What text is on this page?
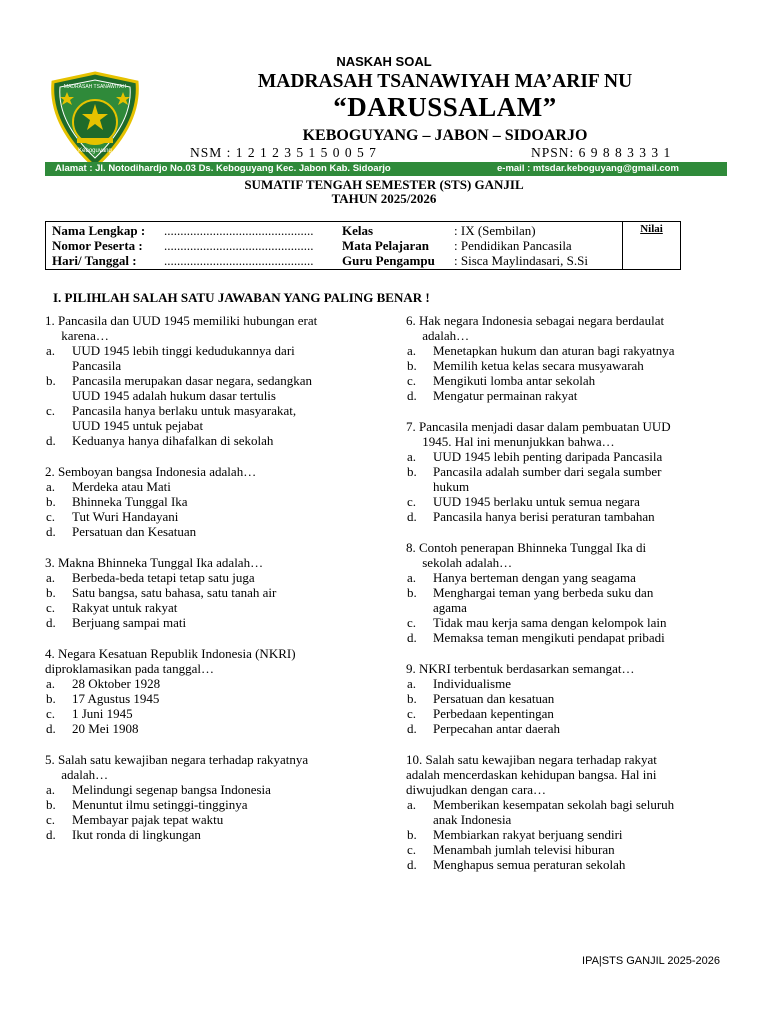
Keboguyang
MADRASAH TSANAWIYAH
NASKAH SOAL
MADRASAH TSANAWIYAH MA’ARIF NU
“DARUSSALAM”
KEBOGUYANG – JABON – SIDOARJO
NSM : 1 2 1 2 3 5 1 5 0 0 5 7	NPSN: 6 9 8 8 3 3 3 1
Alamat : Jl. Notodihardjo No.03 Ds. Keboguyang Kec. Jabon Kab. Sidoarjo	e-mail : mtsdar.keboguyang@gmail.com
SUMATIF TENGAH SEMESTER (STS) GANJIL
TAHUN 2025/2026
Nama Lengkap : .............................................. Kelas	: IX (Sembilan)
Nomor Peserta : .............................................. Mata Pelajaran : Pendidikan Pancasila
Hari/ Tanggal : .............................................. Guru Pengampu : Sisca Maylindasari, S.Si
Nilai
I. PILIHLAH SALAH SATU JAWABAN YANG PALING BENAR !
1. Pancasila dan UUD 1945 memiliki hubungan erat
karena…
a. UUD 1945 lebih tinggi kedudukannya dari
Pancasila
b. Pancasila merupakan dasar negara, sedangkan
UUD 1945 adalah hukum dasar tertulis
c. Pancasila hanya berlaku untuk masyarakat,
UUD 1945 untuk pejabat
d. Keduanya hanya dihafalkan di sekolah
2. Semboyan bangsa Indonesia adalah…
a. Merdeka atau Mati
b. Bhinneka Tunggal Ika
c. Tut Wuri Handayani
d. Persatuan dan Kesatuan
3. Makna Bhinneka Tunggal Ika adalah…
a. Berbeda-beda tetapi tetap satu juga
b. Satu bangsa, satu bahasa, satu tanah air
c. Rakyat untuk rakyat
d. Berjuang sampai mati
4. Negara Kesatuan Republik Indonesia (NKRI)
diproklamasikan pada tanggal…
a. 28 Oktober 1928
b. 17 Agustus 1945
c. 1 Juni 1945
d. 20 Mei 1908
5. Salah satu kewajiban negara terhadap rakyatnya
adalah…
a. Melindungi segenap bangsa Indonesia
b. Menuntut ilmu setinggi-tingginya
c. Membayar pajak tepat waktu
d. Ikut ronda di lingkungan
6. Hak negara Indonesia sebagai negara berdaulat
adalah…
a. Menetapkan hukum dan aturan bagi rakyatnya
b. Memilih ketua kelas secara musyawarah
c. Mengikuti lomba antar sekolah
d. Mengatur permainan rakyat
7. Pancasila menjadi dasar dalam pembuatan UUD
1945. Hal ini menunjukkan bahwa…
a. UUD 1945 lebih penting daripada Pancasila
b. Pancasila adalah sumber dari segala sumber
hukum
c. UUD 1945 berlaku untuk semua negara
d. Pancasila hanya berisi peraturan tambahan
8. Contoh penerapan Bhinneka Tunggal Ika di
sekolah adalah…
a. Hanya berteman dengan yang seagama
b. Menghargai teman yang berbeda suku dan
agama
c. Tidak mau kerja sama dengan kelompok lain
d. Memaksa teman mengikuti pendapat pribadi
9. NKRI terbentuk berdasarkan semangat…
a. Individualisme
b. Persatuan dan kesatuan
c. Perbedaan kepentingan
d. Perpecahan antar daerah
10. Salah satu kewajiban negara terhadap rakyat
adalah mencerdaskan kehidupan bangsa. Hal ini
diwujudkan dengan cara…
a. Memberikan kesempatan sekolah bagi seluruh
anak Indonesia
b. Membiarkan rakyat berjuang sendiri
c. Menambah jumlah televisi hiburan
d. Menghapus semua peraturan sekolah
IPA|STS GANJIL 2025-2026
